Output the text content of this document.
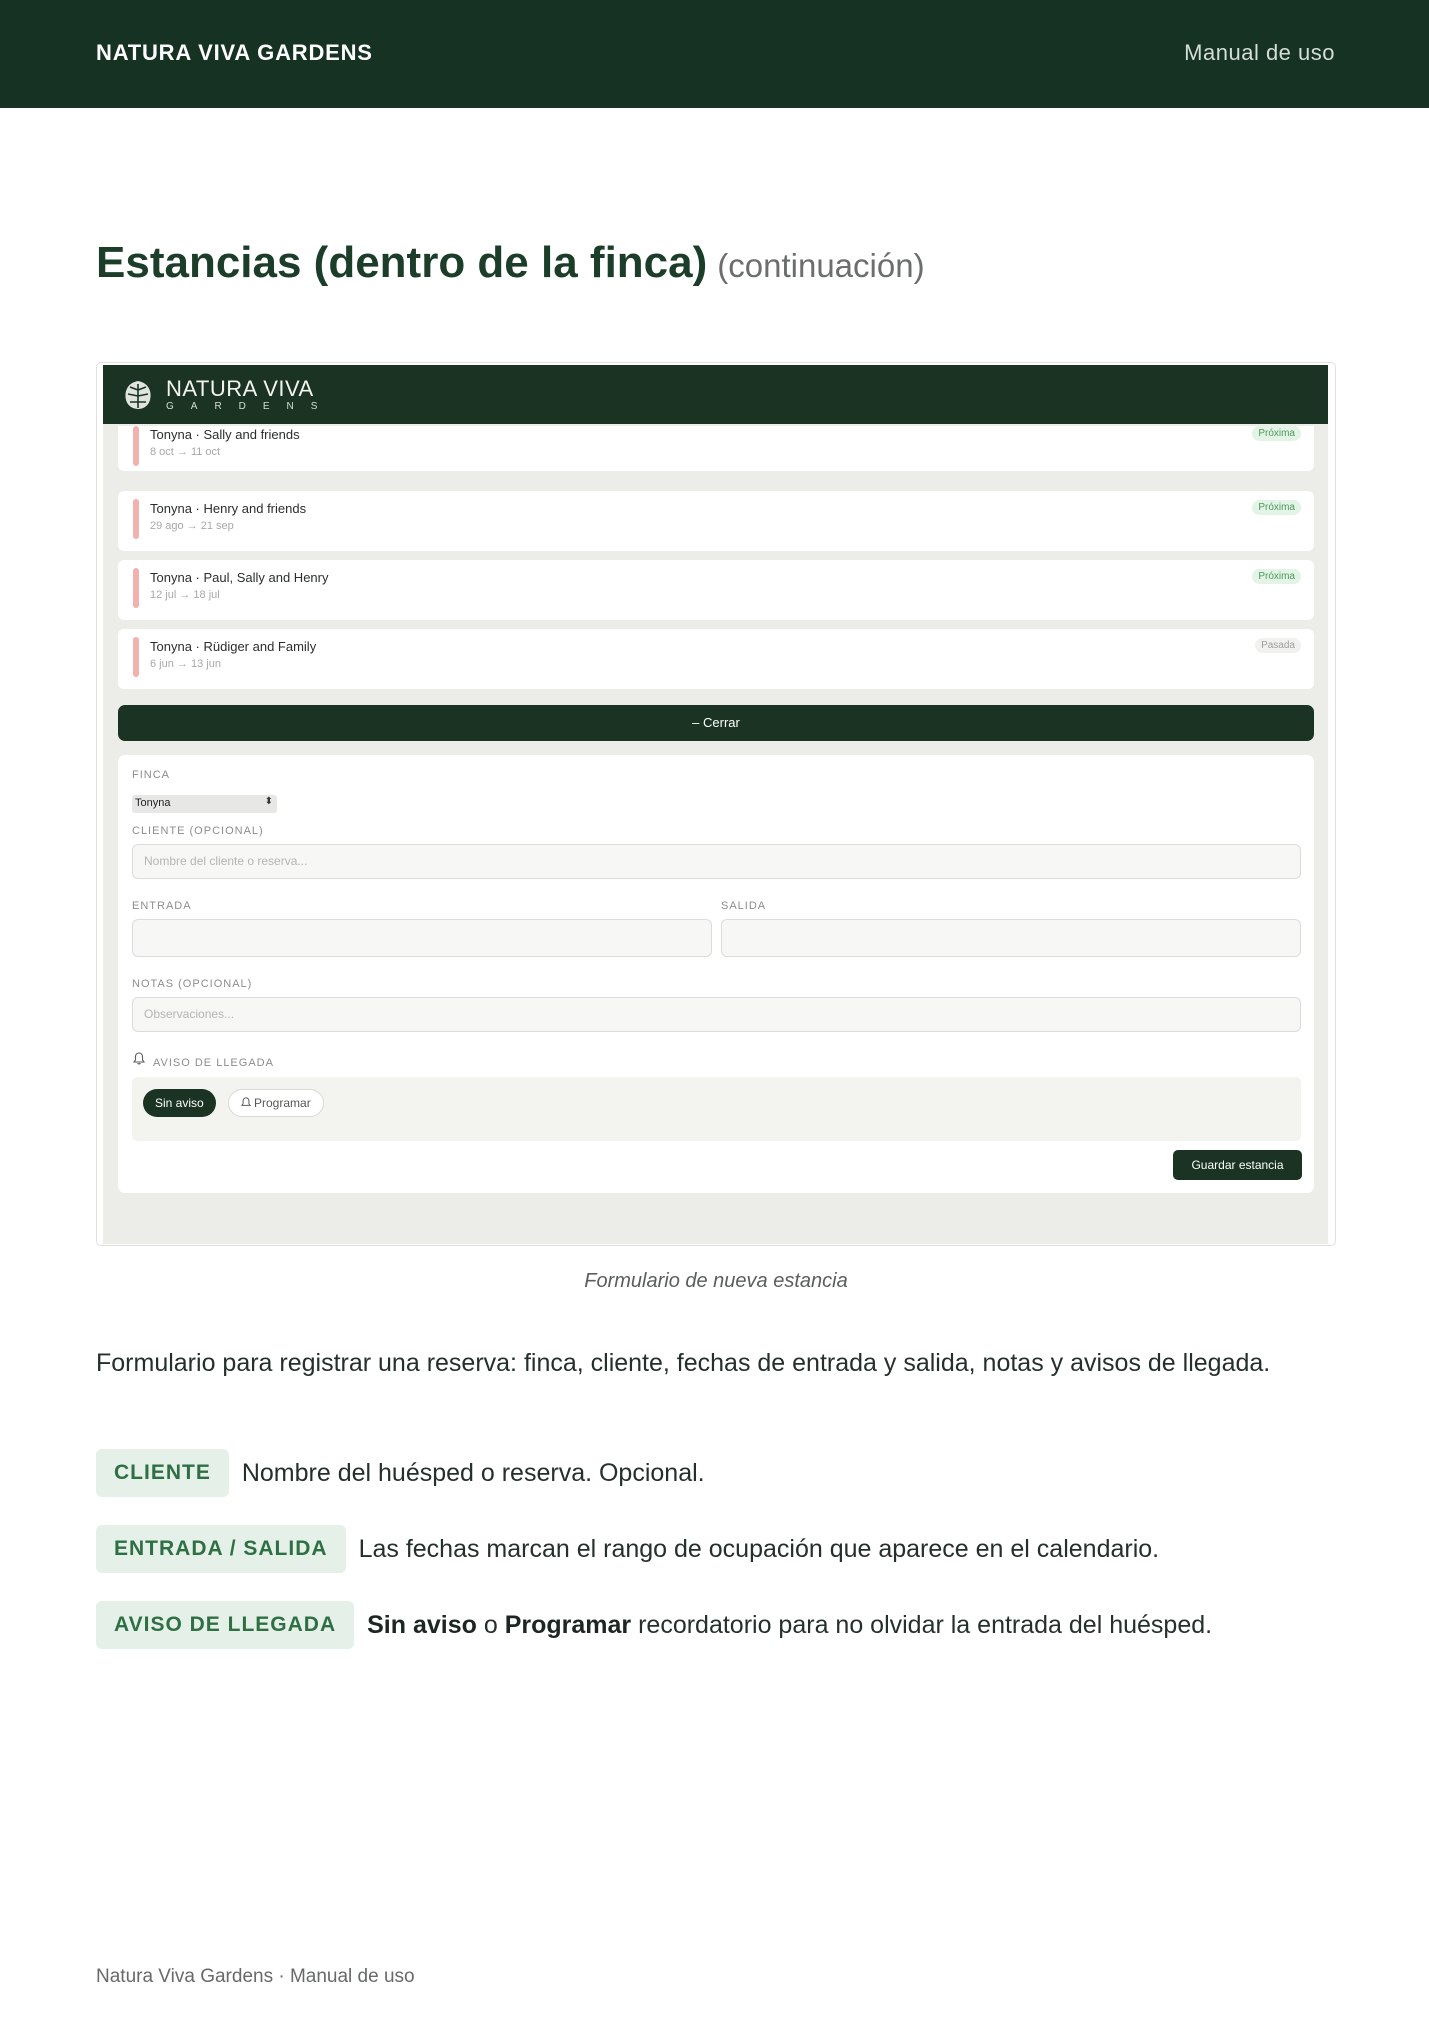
NATURA VIVA GARDENS	Manual de uso
Estancias (dentro de la finca) (continuación)
NATURA VIVA
GARDENS
Tonyna · Sally and friends
8 oct → 11 oct
Próxima
Tonyna · Henry and friends
29 ago → 21 sep
Próxima
Tonyna · Paul, Sally and Henry
12 jul → 18 jul
Próxima
Tonyna · Rüdiger and Family
6 jun → 13 jun
Pasada
– Cerrar
FINCA
Tonyna	⬍
CLIENTE (OPCIONAL)
Nombre del cliente o reserva...
ENTRADA	SALIDA
NOTAS (OPCIONAL)
Observaciones...
AVISO DE LLEGADA
Sin aviso	Programar
Guardar estancia
Formulario de nueva estancia
Formulario para registrar una reserva: finca, cliente, fechas de entrada y salida, notas y avisos de llegada.
CLIENTE Nombre del huésped o reserva. Opcional.
ENTRADA / SALIDA Las fechas marcan el rango de ocupación que aparece en el calendario.
AVISO DE LLEGADA Sin aviso o Programar recordatorio para no olvidar la entrada del huésped.
Natura Viva Gardens · Manual de uso
